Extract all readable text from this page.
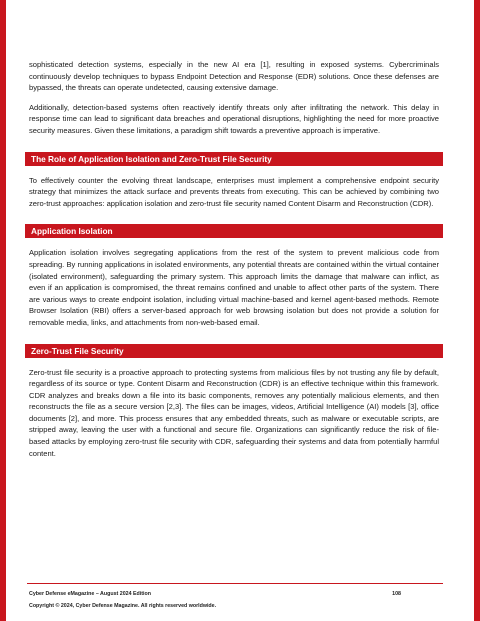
sophisticated detection systems, especially in the new AI era [1], resulting in exposed systems. Cybercriminals continuously develop techniques to bypass Endpoint Detection and Response (EDR) solutions. Once these defenses are bypassed, the threats can operate undetected, causing extensive damage.

Additionally, detection-based systems often reactively identify threats only after infiltrating the network. This delay in response time can lead to significant data breaches and operational disruptions, highlighting the need for more proactive security measures. Given these limitations, a paradigm shift towards a preventive approach is imperative.

The Role of Application Isolation and Zero-Trust File Security

To effectively counter the evolving threat landscape, enterprises must implement a comprehensive endpoint security strategy that minimizes the attack surface and prevents threats from executing. This can be achieved by combining two zero-trust approaches: application isolation and zero-trust file security named Content Disarm and Reconstruction (CDR).

Application Isolation

Application isolation involves segregating applications from the rest of the system to prevent malicious code from spreading. By running applications in isolated environments, any potential threats are contained within the virtual container (isolated environment), safeguarding the primary system. This approach limits the damage that malware can inflict, as even if an application is compromised, the threat remains confined and unable to affect other parts of the system. There are various ways to create endpoint isolation, including virtual machine-based and kernel agent-based methods. Remote Browser Isolation (RBI) offers a server-based approach for web browsing isolation but does not provide a solution for removable media, links, and attachments from non-web-based email.

Zero-Trust File Security

Zero-trust file security is a proactive approach to protecting systems from malicious files by not trusting any file by default, regardless of its source or type. Content Disarm and Reconstruction (CDR) is an effective technique within this framework. CDR analyzes and breaks down a file into its basic components, removes any potentially malicious elements, and then reconstructs the file as a secure version [2,3]. The files can be images, videos, Artificial Intelligence (AI) models [3], office documents [2], and more. This process ensures that any embedded threats, such as malware or executable scripts, are stripped away, leaving the user with a functional and secure file. Organizations can significantly reduce the risk of file-based attacks by employing zero-trust file security with CDR, safeguarding their systems and data from potentially harmful content.

Cyber Defense eMagazine – August 2024 Edition	108
Copyright © 2024, Cyber Defense Magazine. All rights reserved worldwide.
